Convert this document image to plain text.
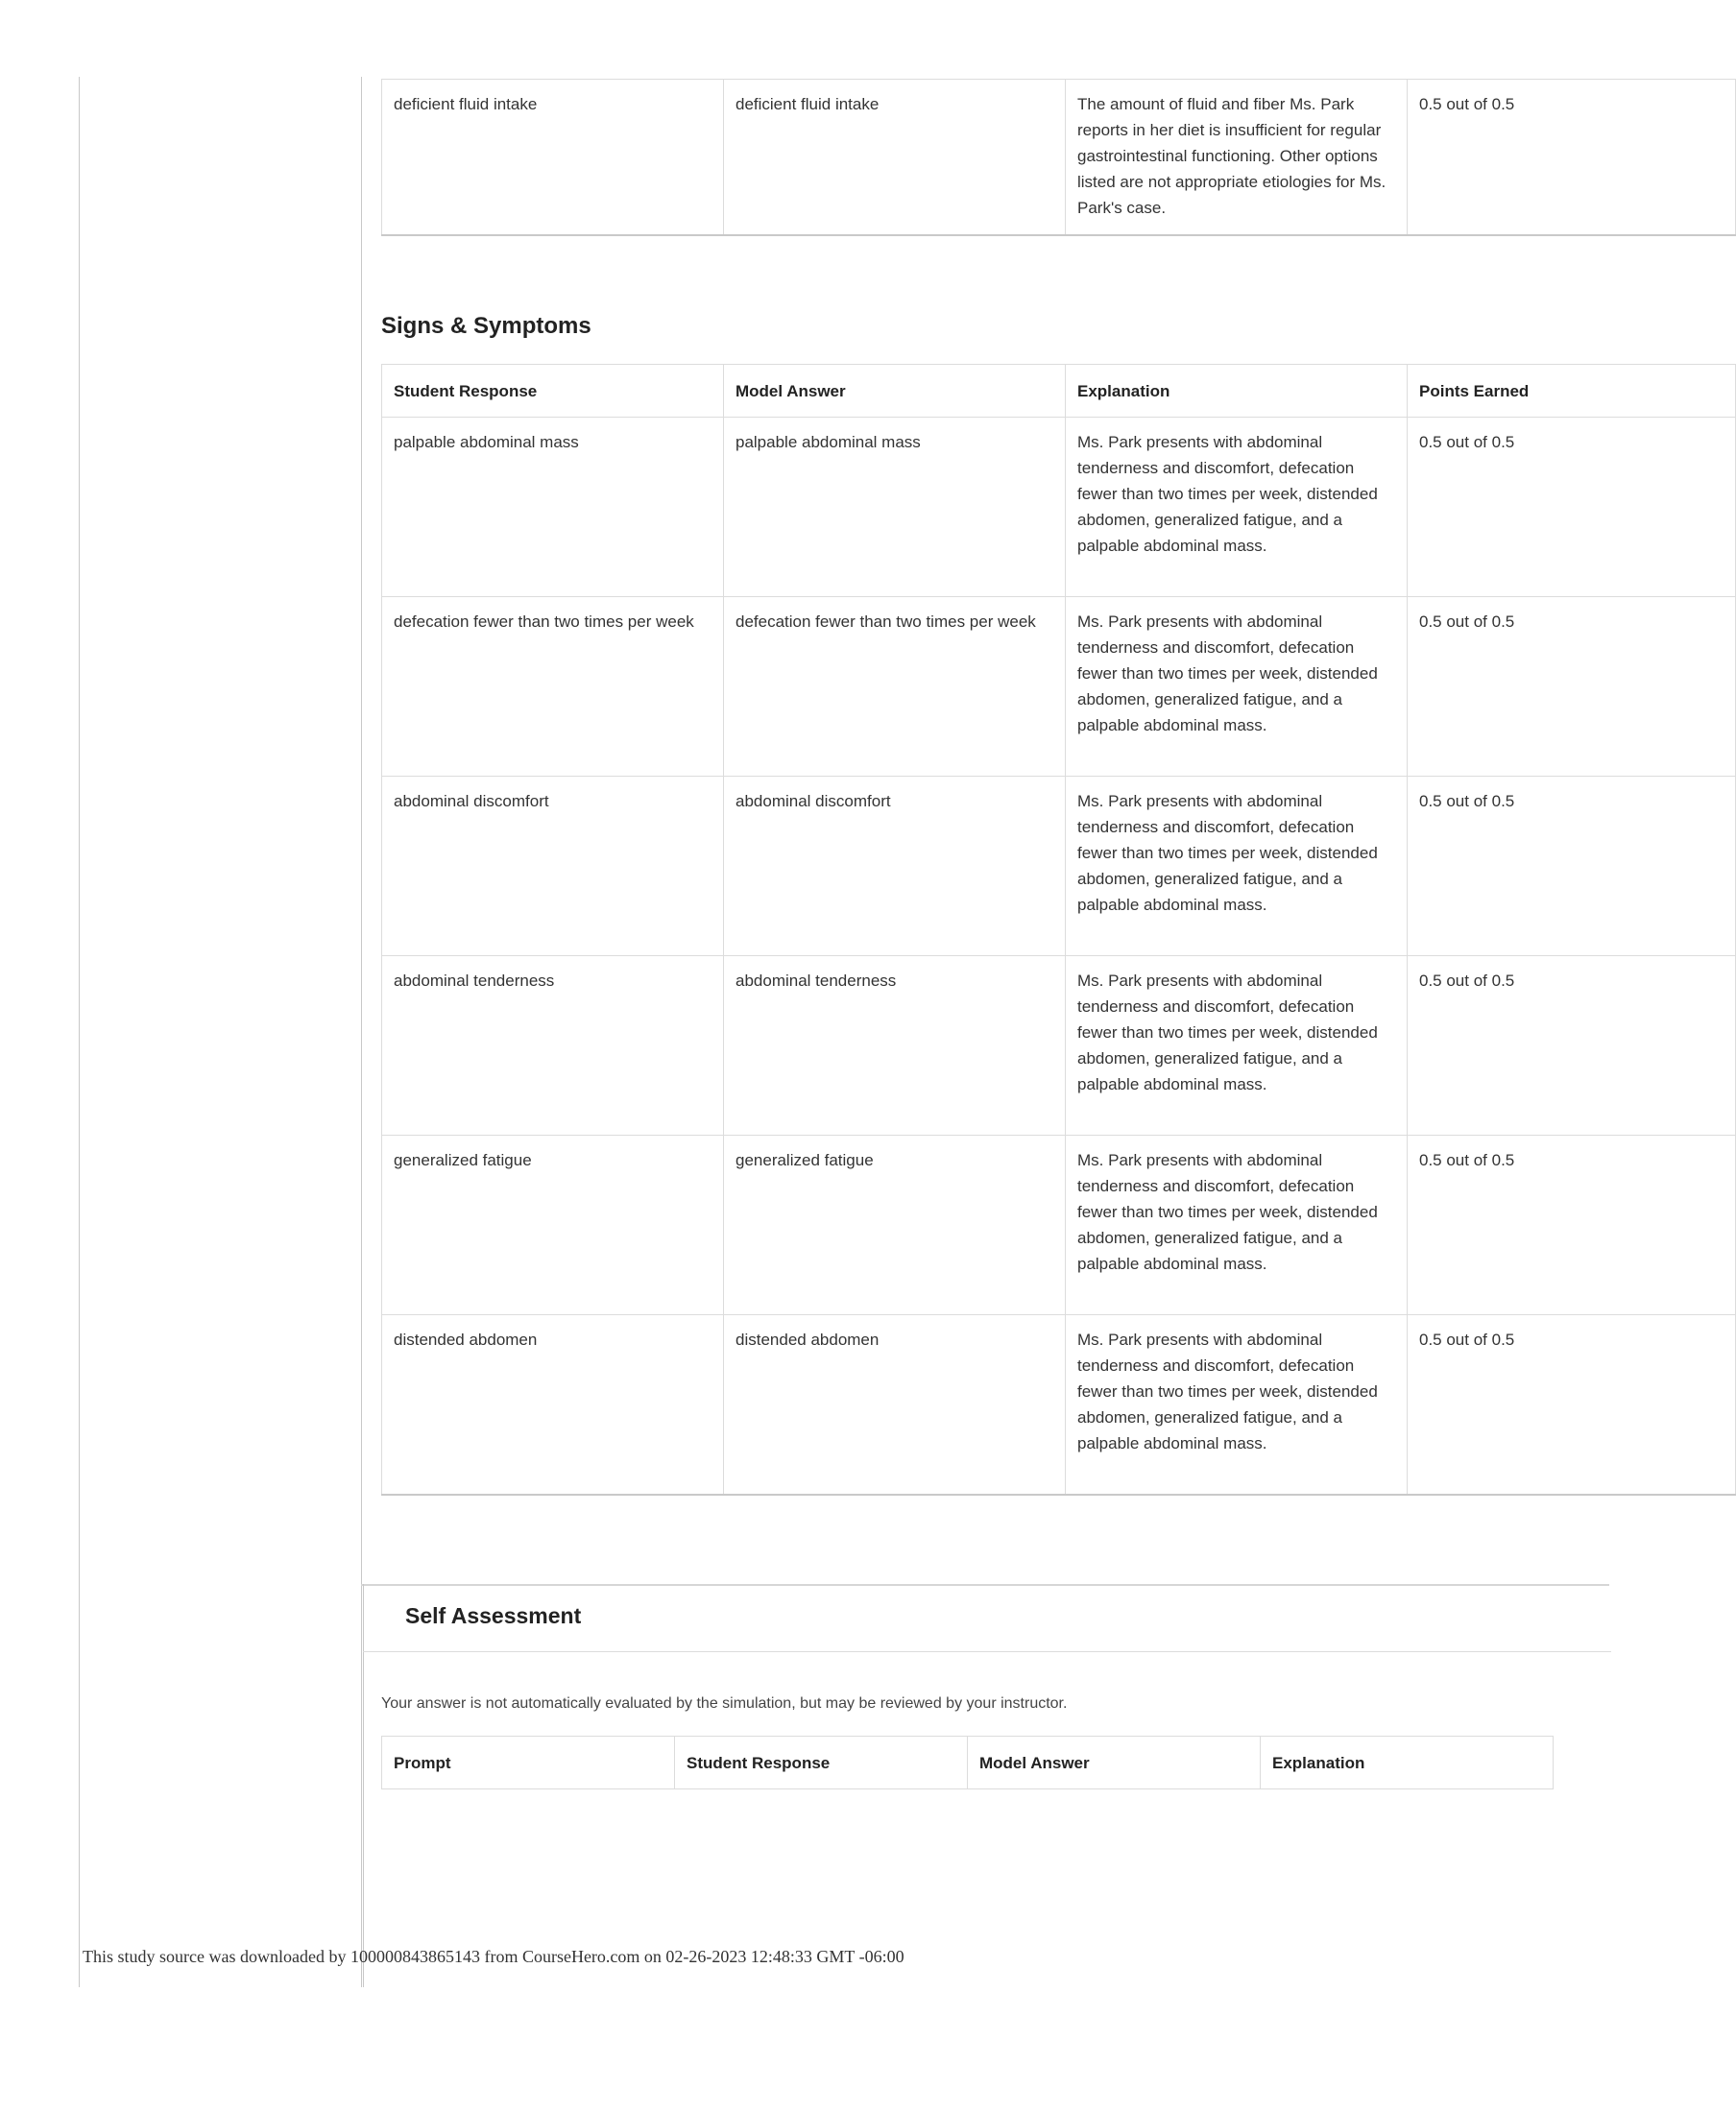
deficient fluid intake	deficient fluid intake	The amount of fluid and fiber Ms. Park reports in her diet is insufficient for regular gastrointestinal functioning. Other options listed are not appropriate etiologies for Ms. Park's case.	0.5 out of 0.5
Signs & Symptoms
Student Response	Model Answer	Explanation	Points Earned
palpable abdominal mass	palpable abdominal mass	Ms. Park presents with abdominal tenderness and discomfort, defecation fewer than two times per week, distended abdomen, generalized fatigue, and a palpable abdominal mass.	0.5 out of 0.5
defecation fewer than two times per week	defecation fewer than two times per week	Ms. Park presents with abdominal tenderness and discomfort, defecation fewer than two times per week, distended abdomen, generalized fatigue, and a palpable abdominal mass.	0.5 out of 0.5
abdominal discomfort	abdominal discomfort	Ms. Park presents with abdominal tenderness and discomfort, defecation fewer than two times per week, distended abdomen, generalized fatigue, and a palpable abdominal mass.	0.5 out of 0.5
abdominal tenderness	abdominal tenderness	Ms. Park presents with abdominal tenderness and discomfort, defecation fewer than two times per week, distended abdomen, generalized fatigue, and a palpable abdominal mass.	0.5 out of 0.5
generalized fatigue	generalized fatigue	Ms. Park presents with abdominal tenderness and discomfort, defecation fewer than two times per week, distended abdomen, generalized fatigue, and a palpable abdominal mass.	0.5 out of 0.5
distended abdomen	distended abdomen	Ms. Park presents with abdominal tenderness and discomfort, defecation fewer than two times per week, distended abdomen, generalized fatigue, and a palpable abdominal mass.	0.5 out of 0.5
Self Assessment
Your answer is not automatically evaluated by the simulation, but may be reviewed by your instructor.
Prompt	Student Response	Model Answer	Explanation
This study source was downloaded by 100000843865143 from CourseHero.com on 02-26-2023 12:48:33 GMT -06:00
